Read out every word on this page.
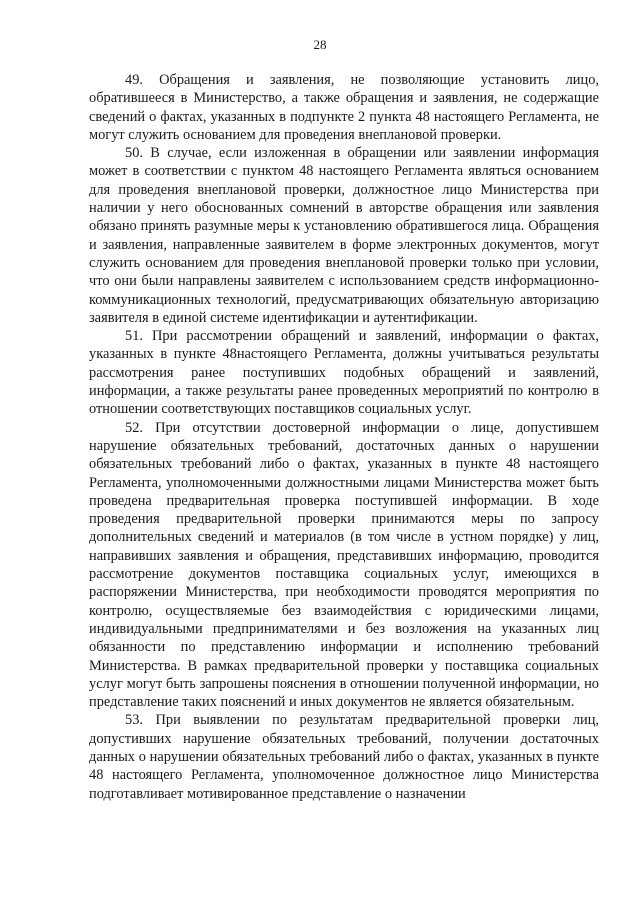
28

49. Обращения и заявления, не позволяющие установить лицо, обратившееся в Министерство, а также обращения и заявления, не содержащие сведений о фактах, указанных в подпункте 2 пункта 48 настоящего Регламента, не могут служить основанием для проведения внеплановой проверки.

50. В случае, если изложенная в обращении или заявлении информация может в соответствии с пунктом 48 настоящего Регламента являться основанием для проведения внеплановой проверки, должностное лицо Министерства при наличии у него обоснованных сомнений в авторстве обращения или заявления обязано принять разумные меры к установлению обратившегося лица. Обращения и заявления, направленные заявителем в форме электронных документов, могут служить основанием для проведения внеплановой проверки только при условии, что они были направлены заявителем с использованием средств информационно-коммуникационных технологий, предусматривающих обязательную авторизацию заявителя в единой системе идентификации и аутентификации.

51. При рассмотрении обращений и заявлений, информации о фактах, указанных в пункте 48настоящего Регламента, должны учитываться результаты рассмотрения ранее поступивших подобных обращений и заявлений, информации, а также результаты ранее проведенных мероприятий по контролю в отношении соответствующих поставщиков социальных услуг.

52. При отсутствии достоверной информации о лице, допустившем нарушение обязательных требований, достаточных данных о нарушении обязательных требований либо о фактах, указанных в пункте 48 настоящего Регламента, уполномоченными должностными лицами Министерства может быть проведена предварительная проверка поступившей информации. В ходе проведения предварительной проверки принимаются меры по запросу дополнительных сведений и материалов (в том числе в устном порядке) у лиц, направивших заявления и обращения, представивших информацию, проводится рассмотрение документов поставщика социальных услуг, имеющихся в распоряжении Министерства, при необходимости проводятся мероприятия по контролю, осуществляемые без взаимодействия с юридическими лицами, индивидуальными предпринимателями и без возложения на указанных лиц обязанности по представлению информации и исполнению требований Министерства. В рамках предварительной проверки у поставщика социальных услуг могут быть запрошены пояснения в отношении полученной информации, но представление таких пояснений и иных документов не является обязательным.

53. При выявлении по результатам предварительной проверки лиц, допустивших нарушение обязательных требований, получении достаточных данных о нарушении обязательных требований либо о фактах, указанных в пункте 48 настоящего Регламента, уполномоченное должностное лицо Министерства подготавливает мотивированное представление о назначении
